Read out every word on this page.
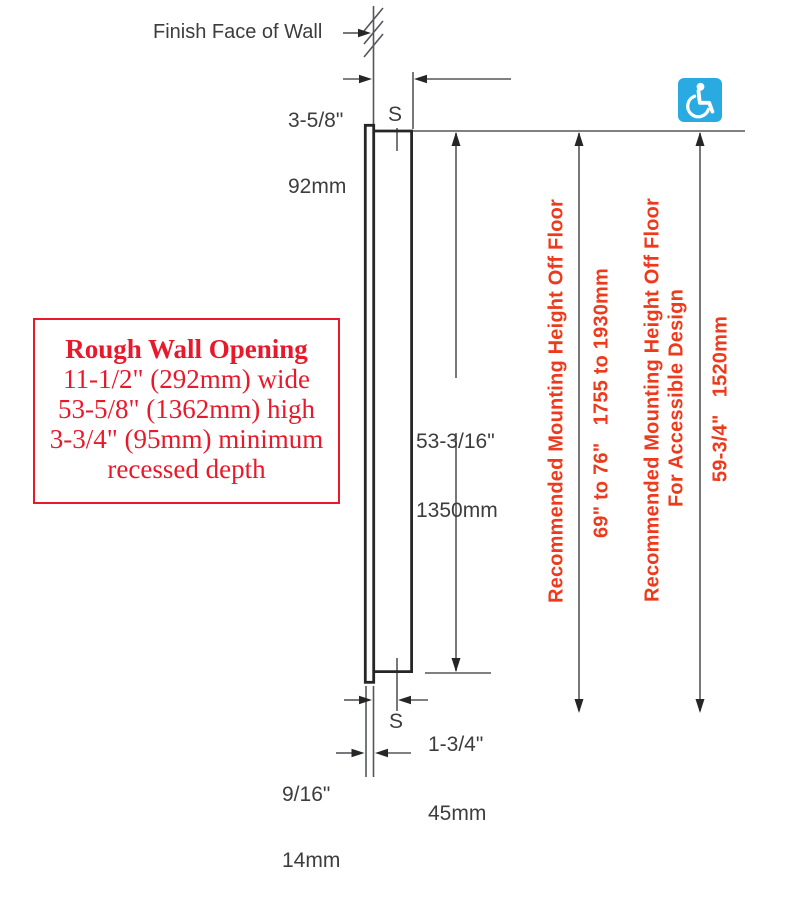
Finish Face of Wall

3-5/8"

92mm

S

53-3/16"

1350mm

Rough Wall Opening
11-1/2" (292mm) wide
53-5/8" (1362mm) high
3-3/4" (95mm) minimum
recessed depth	Recommended Mounting Height Off Floor 69" to 76"   1755 to 1930mm Recommended Mounting Height Off Floor For Accessible Design 59-3/4"   1520mm

1-3/4"

45mm

S

9/16"

14mm
